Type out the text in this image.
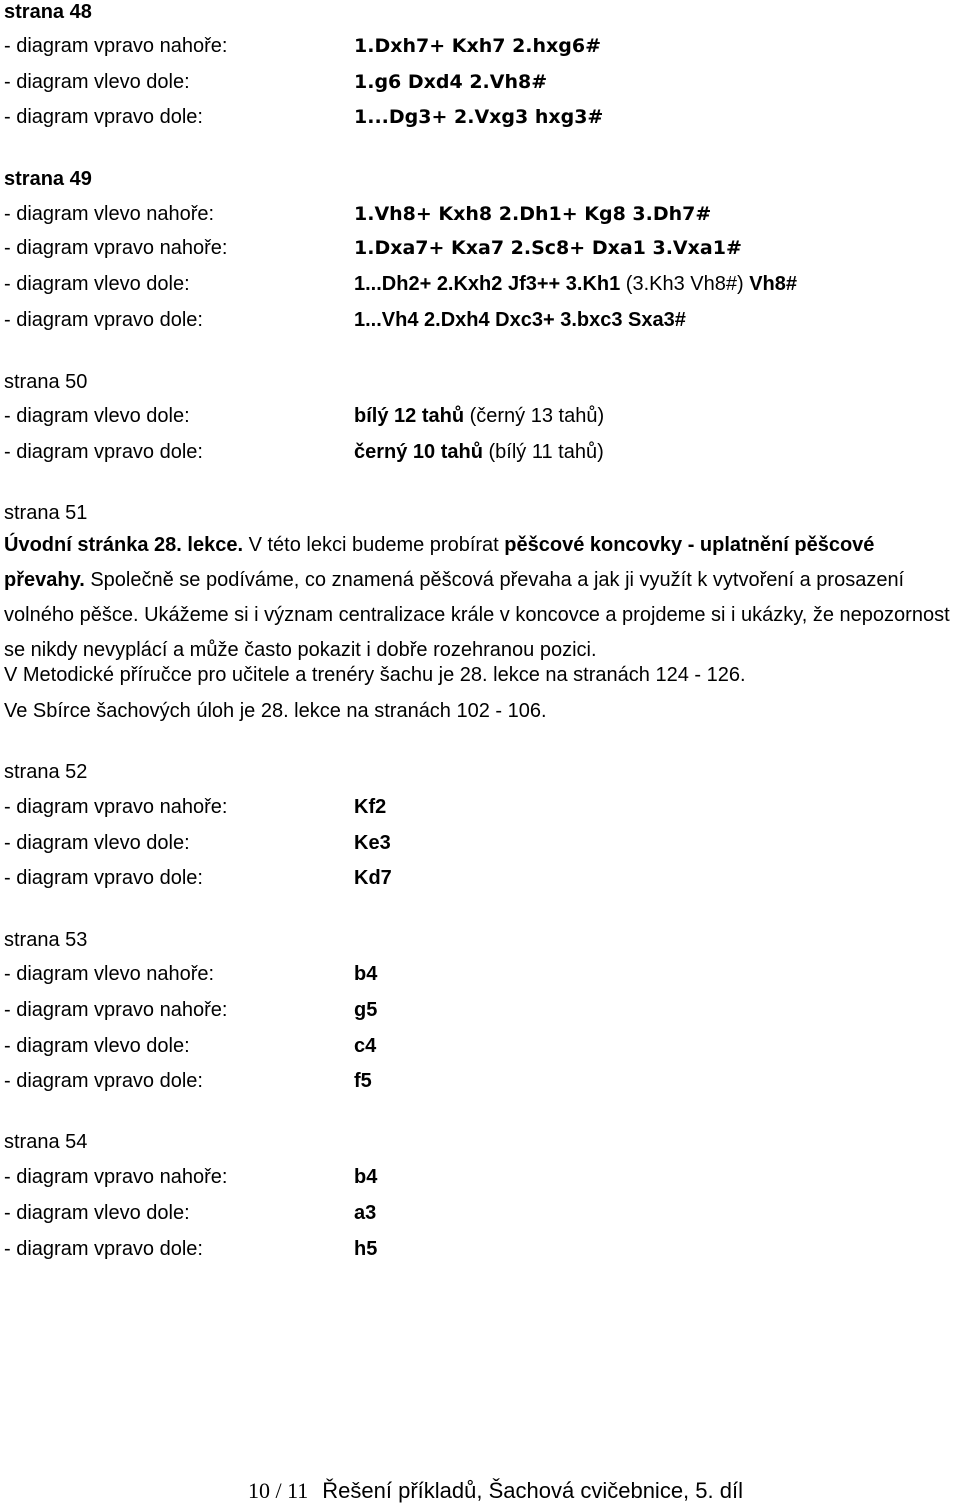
strana 48
- diagram vpravo nahoře:	1.Dxh7+ Kxh7 2.hxg6#
- diagram vlevo dole:	1.g6 Dxd4 2.Vh8#
- diagram vpravo dole:	1...Dg3+ 2.Vxg3 hxg3#
strana 49
- diagram vlevo nahoře:	1.Vh8+ Kxh8 2.Dh1+ Kg8 3.Dh7#
- diagram vpravo nahoře:	1.Dxa7+ Kxa7 2.Sc8+ Dxa1 3.Vxa1#
- diagram vlevo dole:	1...Dh2+ 2.Kxh2 Jf3++ 3.Kh1 (3.Kh3 Vh8#) Vh8#
- diagram vpravo dole:	1...Vh4 2.Dxh4 Dxc3+ 3.bxc3 Sxa3#
strana 50
- diagram vlevo dole:	bílý 12 tahů (černý 13 tahů)
- diagram vpravo dole:	černý 10 tahů (bílý 11 tahů)
strana 51
Úvodní stránka 28. lekce. V této lekci budeme probírat pěšcové koncovky - uplatnění pěšcové převahy. Společně se podíváme, co znamená pěšcová převaha a jak ji využít k vytvoření a prosazení volného pěšce. Ukážeme si i význam centralizace krále v koncovce a projdeme si i ukázky, že nepozornost se nikdy nevyplácí a může často pokazit i dobře rozehranou pozici.
V Metodické příručce pro učitele a trenéry šachu je 28. lekce na stranách 124 - 126.
Ve Sbírce šachových úloh je 28. lekce na stranách 102 - 106.
strana 52
- diagram vpravo nahoře:	Kf2
- diagram vlevo dole:	Ke3
- diagram vpravo dole:	Kd7
strana 53
- diagram vlevo nahoře:	b4
- diagram vpravo nahoře:	g5
- diagram vlevo dole:	c4
- diagram vpravo dole:	f5
strana 54
- diagram vpravo nahoře:	b4
- diagram vlevo dole:	a3
- diagram vpravo dole:	h5
10 / 11 Řešení příkladů, Šachová cvičebnice, 5. díl
